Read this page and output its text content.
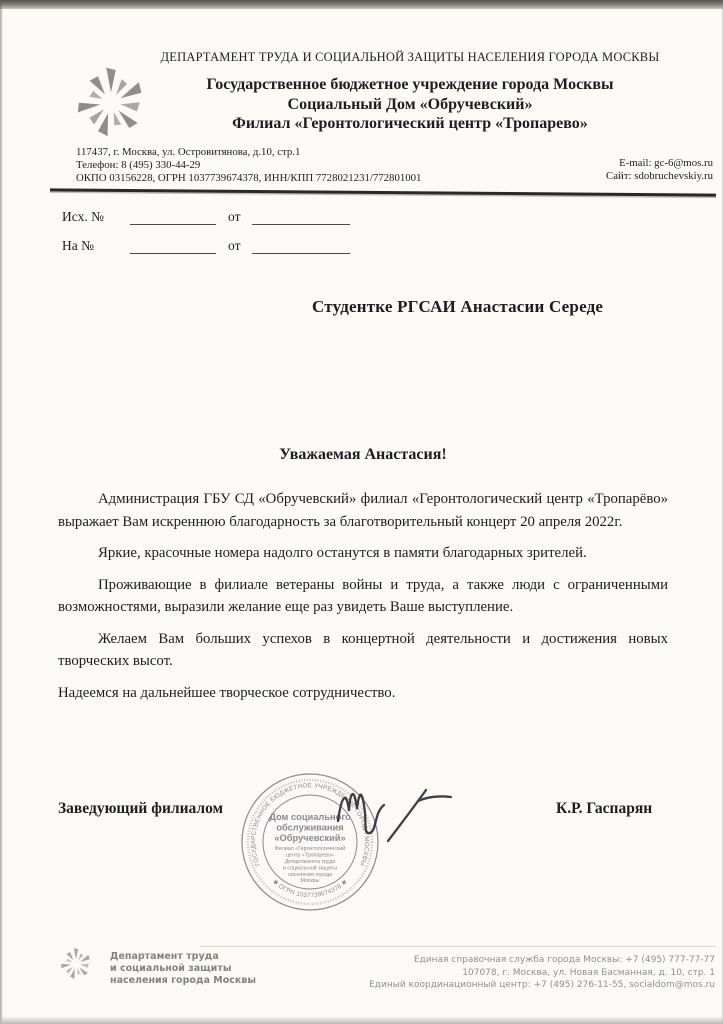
ДЕПАРТАМЕНТ ТРУДА И СОЦИАЛЬНОЙ ЗАЩИТЫ НАСЕЛЕНИЯ ГОРОДА МОСКВЫ
Государственное бюджетное учреждение города Москвы
Социальный Дом «Обручевский»
Филиал «Геронтологический центр «Тропарево»
117437, г. Москва, ул. Островитянова, д.10, стр.1
Телефон: 8 (495) 330-44-29
ОКПО 03156228, ОГРН 1037739674378, ИНН/КПП 7728021231/772801001
E-mail: gc-6@mos.ru
Сайт: sdobruchevskiy.ru
Исх. №	от
На №	от
Студентке РГСАИ Анастасии Середе
Уважаемая Анастасия!

Администрация ГБУ СД «Обручевский» филиал «Геронтологический центр «Тропарёво» выражает Вам искреннюю благодарность за благотворительный концерт 20 апреля 2022г.

Яркие, красочные номера надолго останутся в памяти благодарных зрителей.

Проживающие в филиале ветераны войны и труда, а также люди с ограниченными возможностями, выразили желание еще раз увидеть Ваше выступление.

Желаем Вам больших успехов в концертной деятельности и достижения новых творческих высот.

Надеемся на дальнейшее творческое сотрудничество.

Заведующий филиалом	К.Р. Гаспарян
ГОСУДАРСТВЕННОЕ БЮДЖЕТНОЕ УЧРЕЖДЕНИЕ ГОРОДА МОСКВЫ
✱ ОГРН 1037739674378 ✱
Дом социального
обслуживания
«Обручевский»
Филиал «Геронтологический
центр «Тропарево»
Департамента труда
и социальной защиты
населения города
Москвы
Департамент труда
и социальной защиты
населения города Москвы
Единая справочная служба города Москвы: +7 (495) 777-77-77
107078, г. Москва, ул. Новая Басманная, д. 10, стр. 1
Единый координационный центр: +7 (495) 276-11-55, socialdom@mos.ru
